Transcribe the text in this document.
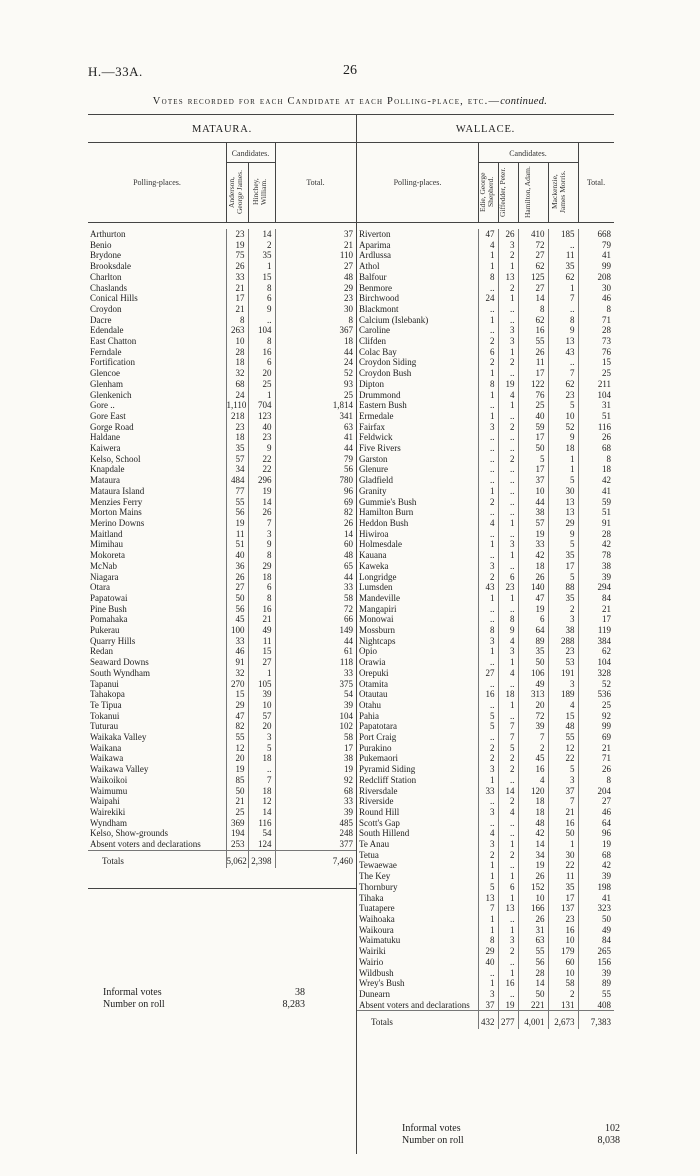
H.—33A.	26
Votes recorded for each Candidate at each Polling-place, etc.—continued.
MATAURA.	WALLACE.
Polling-places.
Candidates.
Anderson, George James. Hinchey, William.	Total.
Arthurton	23	14	37
Benio	19	2	21
Brydone	75	35	110
Brooksdale	26	1	27
Charlton	33	15	48
Chaslands	21	8	29
Conical Hills	17	6	23
Croydon	21	9	30
Dacre	8	..	8
Edendale	263	104	367
East Chatton	10	8	18
Ferndale	28	16	44
Fortification	18	6	24
Glencoe	32	20	52
Glenham	68	25	93
Glenkenich	24	1	25
Gore ..	1,110	704	1,814
Gore East	218	123	341
Gorge Road	23	40	63
Haldane	18	23	41
Kaiwera	35	9	44
Kelso, School	57	22	79
Knapdale	34	22	56
Mataura	484	296	780
Mataura Island	77	19	96
Menzies Ferry	55	14	69
Morton Mains	56	26	82
Merino Downs	19	7	26
Maitland	11	3	14
Mimihau	51	9	60
Mokoreta	40	8	48
McNab	36	29	65
Niagara	26	18	44
Otara	27	6	33
Papatowai	50	8	58
Pine Bush	56	16	72
Pomahaka	45	21	66
Pukerau	100	49	149
Quarry Hills	33	11	44
Redan	46	15	61
Seaward Downs	91	27	118
South Wyndham	32	1	33
Tapanui	270	105	375
Tahakopa	15	39	54
Te Tipua	29	10	39
Tokanui	47	57	104
Tuturau	82	20	102
Waikaka Valley	55	3	58
Waikana	12	5	17
Waikawa	20	18	38
Waikawa Valley	19	..	19
Waikoikoi	85	7	92
Waimumu	50	18	68
Waipahi	21	12	33
Wairekiki	25	14	39
Wyndham	369	116	485
Kelso, Show-grounds	194	54	248
Absent voters and declarations	253	124	377
Totals	5,062	2,398	7,460
Polling-places.
Candidates.
Edie, George Shepherd. Giffedder, Peter.	Hamilton, Adam.	Mackenzie, James Morris.	Total.
Riverton	47	26	410	185	668
Aparima	4	3	72	..	79
Ardlussa	1	2	27	11	41
Athol	1	1	62	35	99
Balfour	8	13	125	62	208
Benmore	..	2	27	1	30
Birchwood	24	1	14	7	46
Blackmont	..	..	8	..	8
Calcium (Islebank)	1	..	62	8	71
Caroline	..	3	16	9	28
Clifden	2	3	55	13	73
Colac Bay	6	1	26	43	76
Croydon Siding	2	2	11	..	15
Croydon Bush	1	..	17	7	25
Dipton	8	19	122	62	211
Drummond	1	4	76	23	104
Eastern Bush	..	1	25	5	31
Ermedale	1	..	40	10	51
Fairfax	3	2	59	52	116
Feldwick	..	..	17	9	26
Five Rivers	..	..	50	18	68
Garston	..	2	5	1	8
Glenure	..	..	17	1	18
Gladfield	..	..	37	5	42
Granity	1	..	10	30	41
Gummie's Bush	2	..	44	13	59
Hamilton Burn	..	..	38	13	51
Heddon Bush	4	1	57	29	91
Hiwiroa	..	..	19	9	28
Holmesdale	1	3	33	5	42
Kauana	..	1	42	35	78
Kaweka	3	..	18	17	38
Longridge	2	6	26	5	39
Lumsden	43	23	140	88	294
Mandeville	1	1	47	35	84
Mangapiri	..	..	19	2	21
Monowai	..	8	6	3	17
Mossburn	8	9	64	38	119
Nightcaps	3	4	89	288	384
Opio	1	3	35	23	62
Orawia	..	1	50	53	104
Orepuki	27	4	106	191	328
Otamita	..	..	49	3	52
Otautau	16	18	313	189	536
Otahu	..	1	20	4	25
Pahia	5	..	72	15	92
Papatotara	5	7	39	48	99
Port Craig	..	7	7	55	69
Purakino	2	5	2	12	21
Pukemaori	2	2	45	22	71
Pyramid Siding	3	2	16	5	26
Redcliff Station	1	..	4	3	8
Riversdale	33	14	120	37	204
Riverside	..	2	18	7	27
Round Hill	3	4	18	21	46
Scott's Gap	..	..	48	16	64
South Hillend	4	..	42	50	96
Te Anau	3	1	14	1	19
Tetua	2	2	34	30	68
Tewaewae	1	..	19	22	42
The Key	1	1	26	11	39
Thornbury	5	6	152	35	198
Tihaka	13	1	10	17	41
Tuatapere	7	13	166	137	323
Waihoaka	1	..	26	23	50
Waikoura	1	1	31	16	49
Waimatuku	8	3	63	10	84
Wairiki	29	2	55	179	265
Wairio	40	..	56	60	156
Wildbush	..	1	28	10	39
Wrey's Bush	1	16	14	58	89
Dunearn	3	..	50	2	55
Absent voters and declarations	37	19	221	131	408
Totals	432	277	4,001	2,673	7,383
Informal votes	38
Number on roll	8,283
Informal votes	102
Number on roll	8,038
